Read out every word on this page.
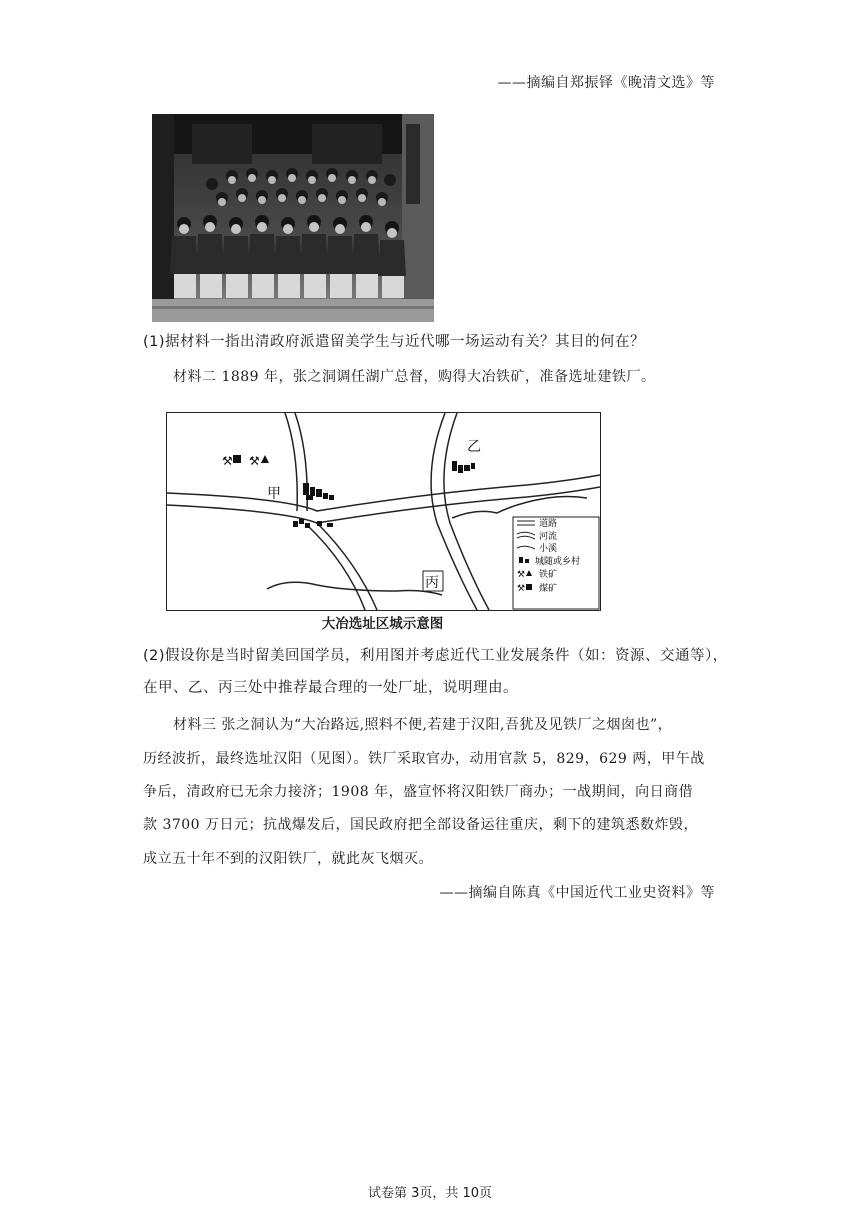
——摘编自郑振铎《晚清文选》等
(1)据材料一指出清政府派遣留美学生与近代哪一场运动有关？其目的何在？
材料二 1889 年，张之洞调任湖广总督，购得大冶铁矿，准备选址建铁厂。
⚒ ⚒
甲
乙
丙	⚒
⚒
道路
河流
小溪
城随或乡村
铁矿
煤矿
大冶选址区城示意图
(2)假设你是当时留美回国学员，利用图并考虑近代工业发展条件（如：资源、交通等），
在甲、乙、丙三处中推荐最合理的一处厂址，说明理由。
材料三 张之洞认为“大冶路远,照料不便,若建于汉阳,吾犹及见铁厂之烟囱也”，
历经波折，最终选址汉阳（见图）。铁厂采取官办，动用官款 5，829，629 两，甲午战
争后，清政府已无余力接济；1908 年，盛宣怀将汉阳铁厂商办；一战期间，向日商借
款 3700 万日元；抗战爆发后，国民政府把全部设备运往重庆，剩下的建筑悉数炸毁，
成立五十年不到的汉阳铁厂，就此灰飞烟灭。
——摘编自陈真《中国近代工业史资料》等
试卷第 3页，共 10页
